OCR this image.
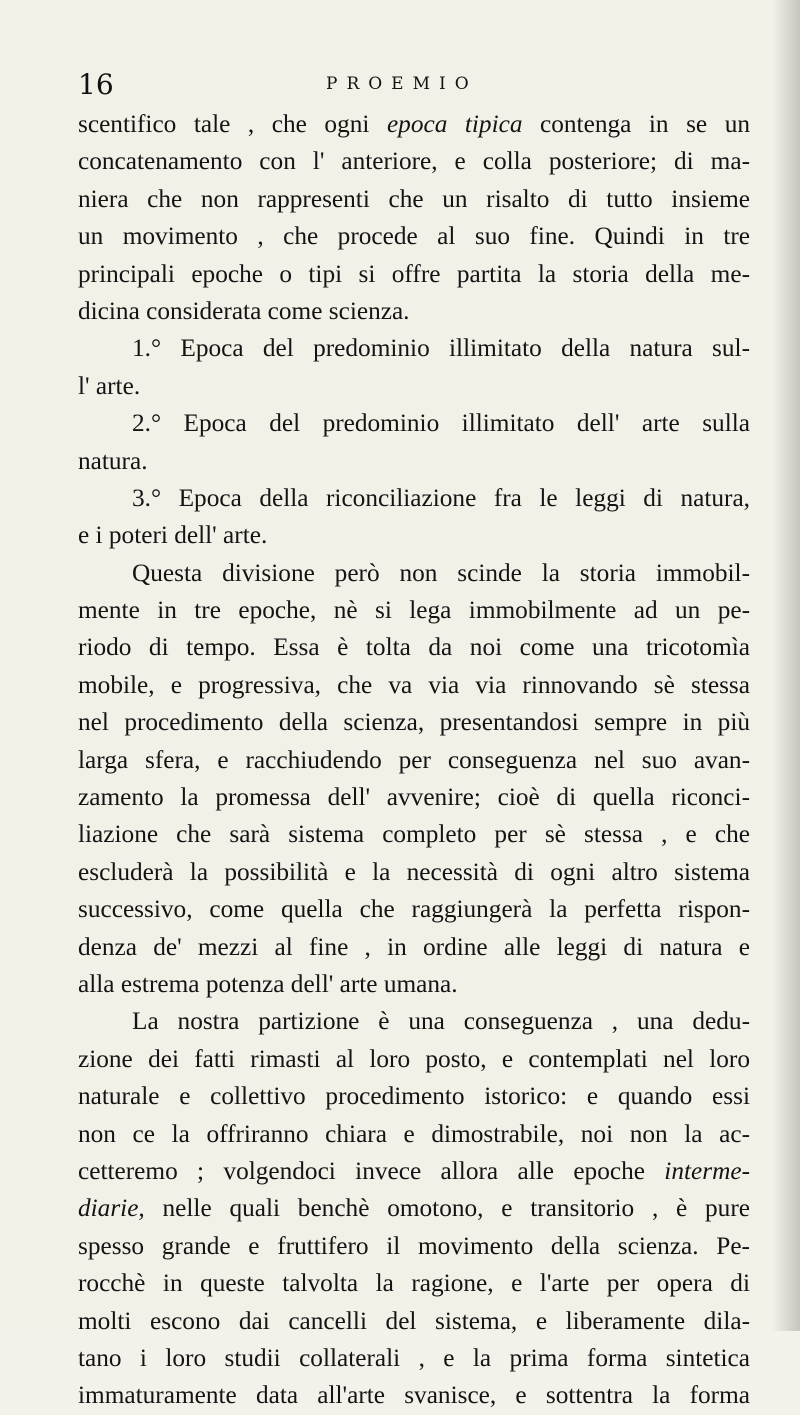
16	PROEMIO
scentifico tale , che ogni epoca tipica contenga in se un
concatenamento con l' anteriore, e colla posteriore; di ma-
niera che non rappresenti che un risalto di tutto insieme
un movimento , che procede al suo fine. Quindi in tre
principali epoche o tipi si offre partita la storia della me-
dicina considerata come scienza.
1.° Epoca del predominio illimitato della natura sul-
l' arte.
2.° Epoca del predominio illimitato dell' arte sulla
natura.
3.° Epoca della riconciliazione fra le leggi di natura,
e i poteri dell' arte.
Questa divisione però non scinde la storia immobil-
mente in tre epoche, nè si lega immobilmente ad un pe-
riodo di tempo. Essa è tolta da noi come una tricotomìa
mobile, e progressiva, che va via via rinnovando sè stessa
nel procedimento della scienza, presentandosi sempre in più
larga sfera, e racchiudendo per conseguenza nel suo avan-
zamento la promessa dell' avvenire; cioè di quella riconci-
liazione che sarà sistema completo per sè stessa , e che
escluderà la possibilità e la necessità di ogni altro sistema
successivo, come quella che raggiungerà la perfetta rispon-
denza de' mezzi al fine , in ordine alle leggi di natura e
alla estrema potenza dell' arte umana.
La nostra partizione è una conseguenza , una dedu-
zione dei fatti rimasti al loro posto, e contemplati nel loro
naturale e collettivo procedimento istorico: e quando essi
non ce la offriranno chiara e dimostrabile, noi non la ac-
cetteremo ; volgendoci invece allora alle epoche interme-
diarie, nelle quali benchè omotono, e transitorio , è pure
spesso grande e fruttifero il movimento della scienza. Pe-
rocchè in queste talvolta la ragione, e l'arte per opera di
molti escono dai cancelli del sistema, e liberamente dila-
tano i loro studii collaterali , e la prima forma sintetica
immaturamente data all'arte svanisce, e sottentra la forma
